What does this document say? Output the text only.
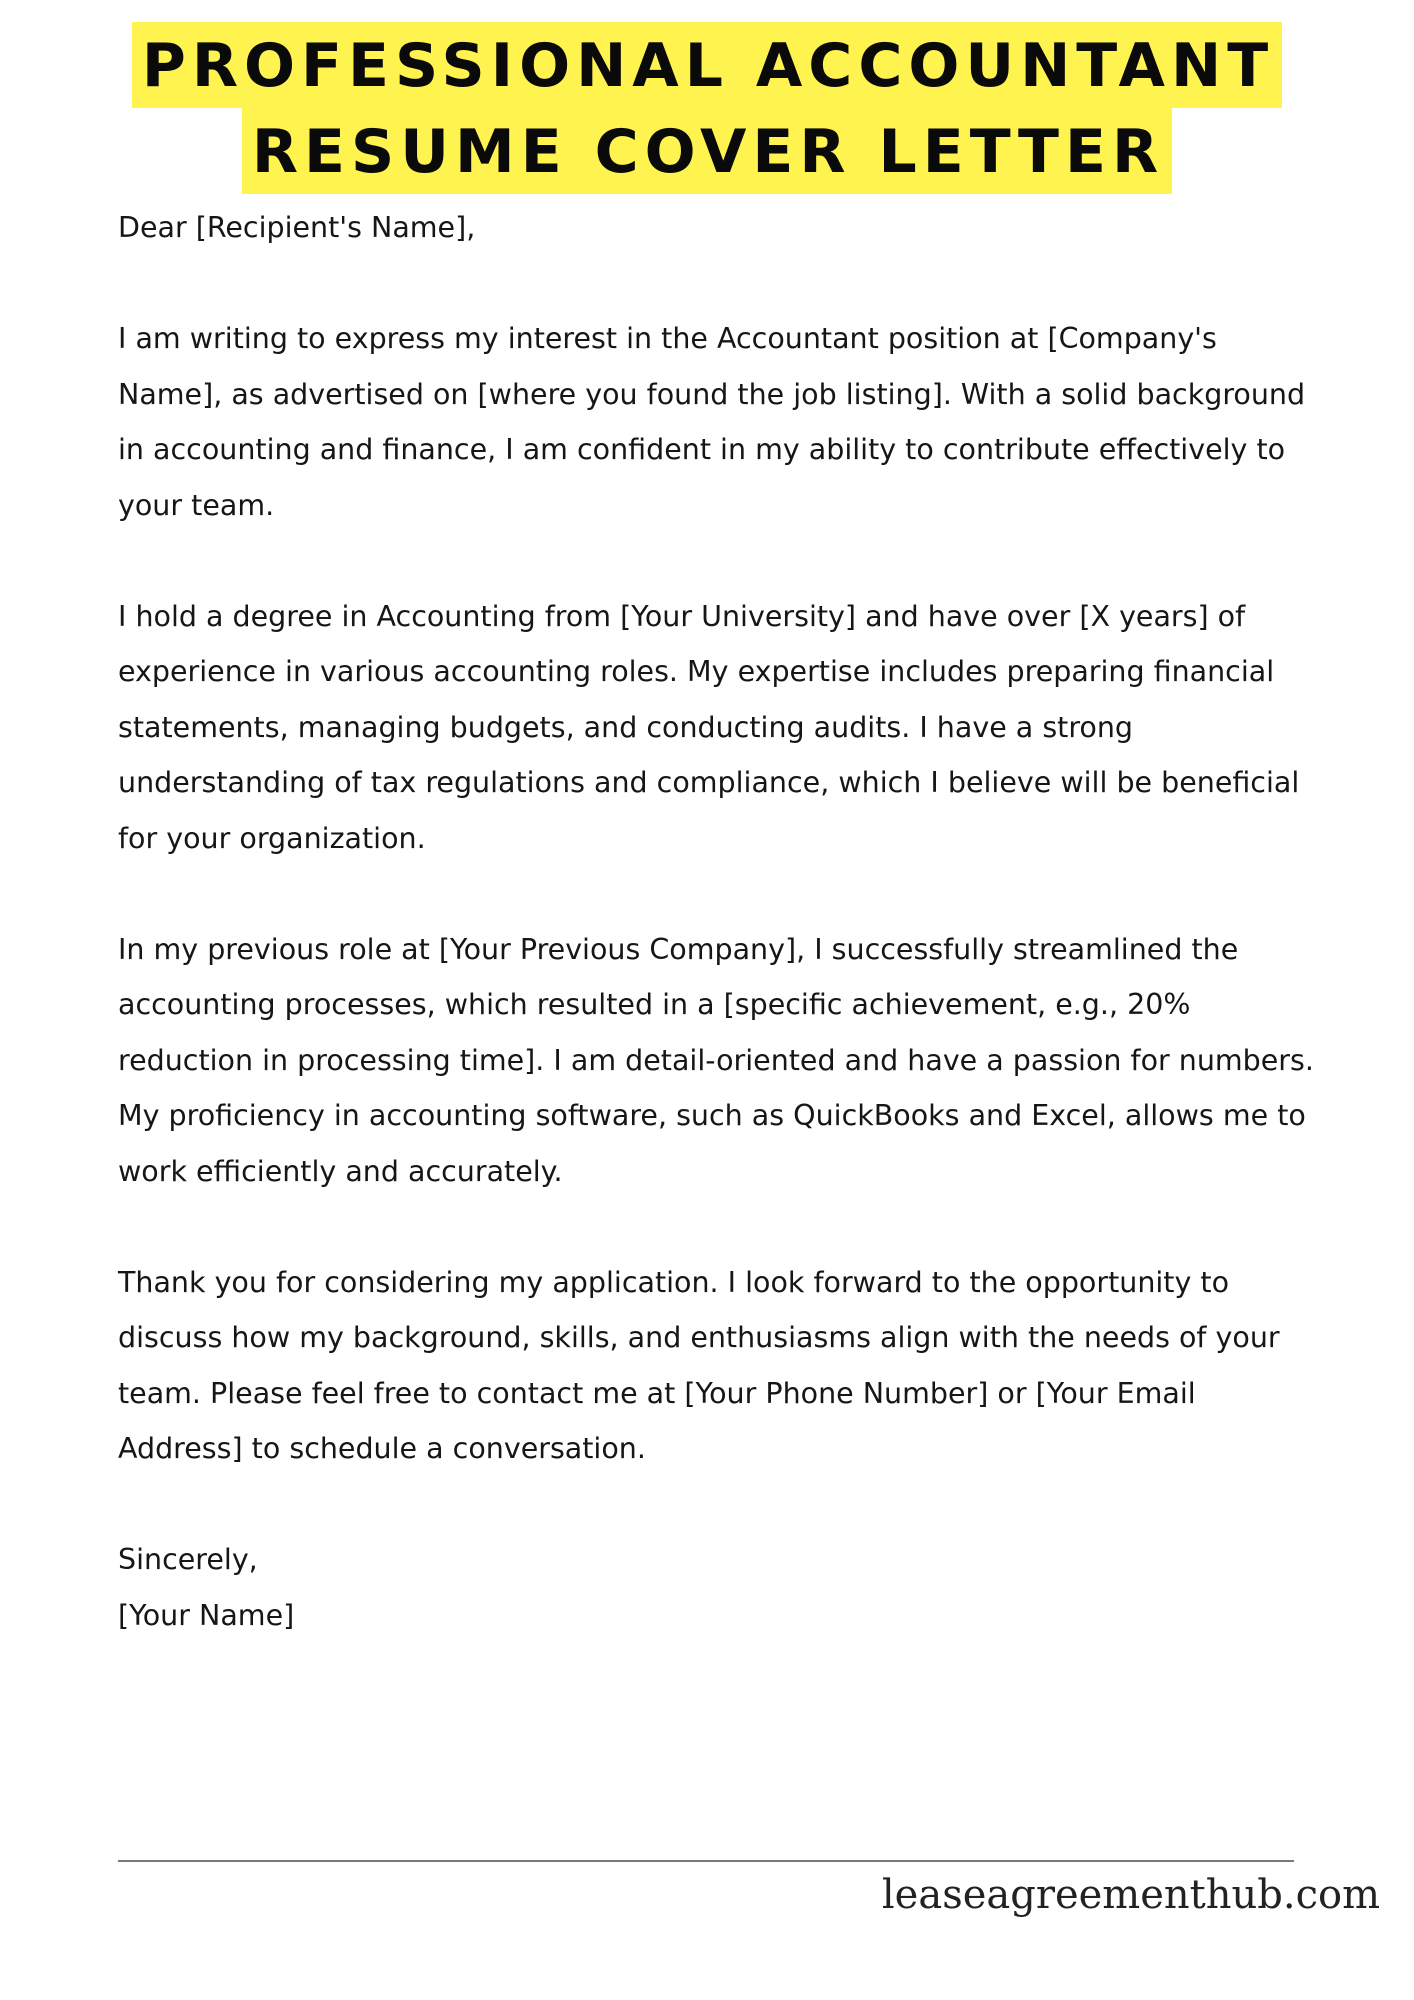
PROFESSIONAL ACCOUNTANT
RESUME COVER LETTER

Dear [Recipient's Name],

I am writing to express my interest in the Accountant position at [Company's Name], as advertised on [where you found the job listing]. With a solid background in accounting and finance, I am confident in my ability to contribute effectively to your team.

I hold a degree in Accounting from [Your University] and have over [X years] of experience in various accounting roles. My expertise includes preparing financial statements, managing budgets, and conducting audits. I have a strong understanding of tax regulations and compliance, which I believe will be beneficial for your organization.

In my previous role at [Your Previous Company], I successfully streamlined the accounting processes, which resulted in a [specific achievement, e.g., 20% reduction in processing time]. I am detail-oriented and have a passion for numbers. My proficiency in accounting software, such as QuickBooks and Excel, allows me to work efficiently and accurately.

Thank you for considering my application. I look forward to the opportunity to discuss how my background, skills, and enthusiasms align with the needs of your team. Please feel free to contact me at [Your Phone Number] or [Your Email Address] to schedule a conversation.

Sincerely,

[Your Name]

leaseagreementhub.com
